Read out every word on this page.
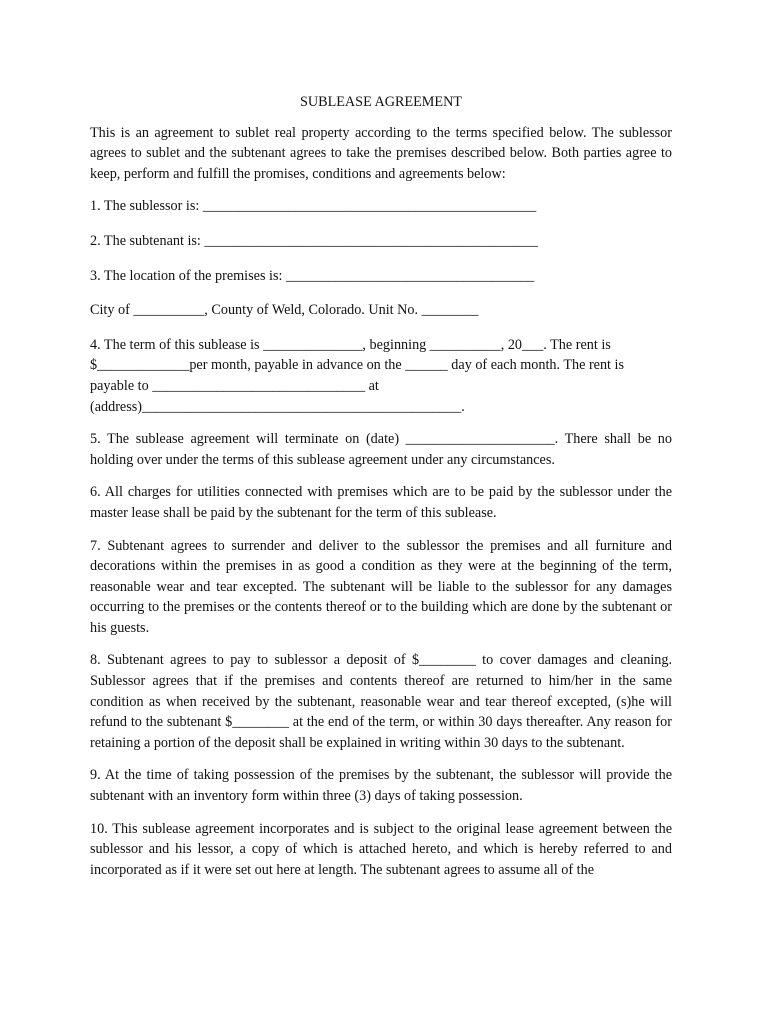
SUBLEASE AGREEMENT

This is an agreement to sublet real property according to the terms specified below. The sublessor agrees to sublet and the subtenant agrees to take the premises described below. Both parties agree to keep, perform and fulfill the promises, conditions and agreements below:

1. The sublessor is: _______________________________________________

2. The subtenant is: _______________________________________________

3. The location of the premises is: ___________________________________

City of __________, County of Weld, Colorado. Unit No. ________

4. The term of this sublease is ______________, beginning __________, 20___. The rent is
$_____________per month, payable in advance on the ______ day of each month. The rent is
payable to ______________________________ at
(address)_____________________________________________.

5. The sublease agreement will terminate on (date) _____________________. There shall be no holding over under the terms of this sublease agreement under any circumstances.

6. All charges for utilities connected with premises which are to be paid by the sublessor under the master lease shall be paid by the subtenant for the term of this sublease.

7. Subtenant agrees to surrender and deliver to the sublessor the premises and all furniture and decorations within the premises in as good a condition as they were at the beginning of the term, reasonable wear and tear excepted. The subtenant will be liable to the sublessor for any damages occurring to the premises or the contents thereof or to the building which are done by the subtenant or his guests.

8. Subtenant agrees to pay to sublessor a deposit of $________ to cover damages and cleaning. Sublessor agrees that if the premises and contents thereof are returned to him/her in the same condition as when received by the subtenant, reasonable wear and tear thereof excepted, (s)he will refund to the subtenant $________ at the end of the term, or within 30 days thereafter. Any reason for retaining a portion of the deposit shall be explained in writing within 30 days to the subtenant.

9. At the time of taking possession of the premises by the subtenant, the sublessor will provide the subtenant with an inventory form within three (3) days of taking possession.

10. This sublease agreement incorporates and is subject to the original lease agreement between the sublessor and his lessor, a copy of which is attached hereto, and which is hereby referred to and incorporated as if it were set out here at length. The subtenant agrees to assume all of the
